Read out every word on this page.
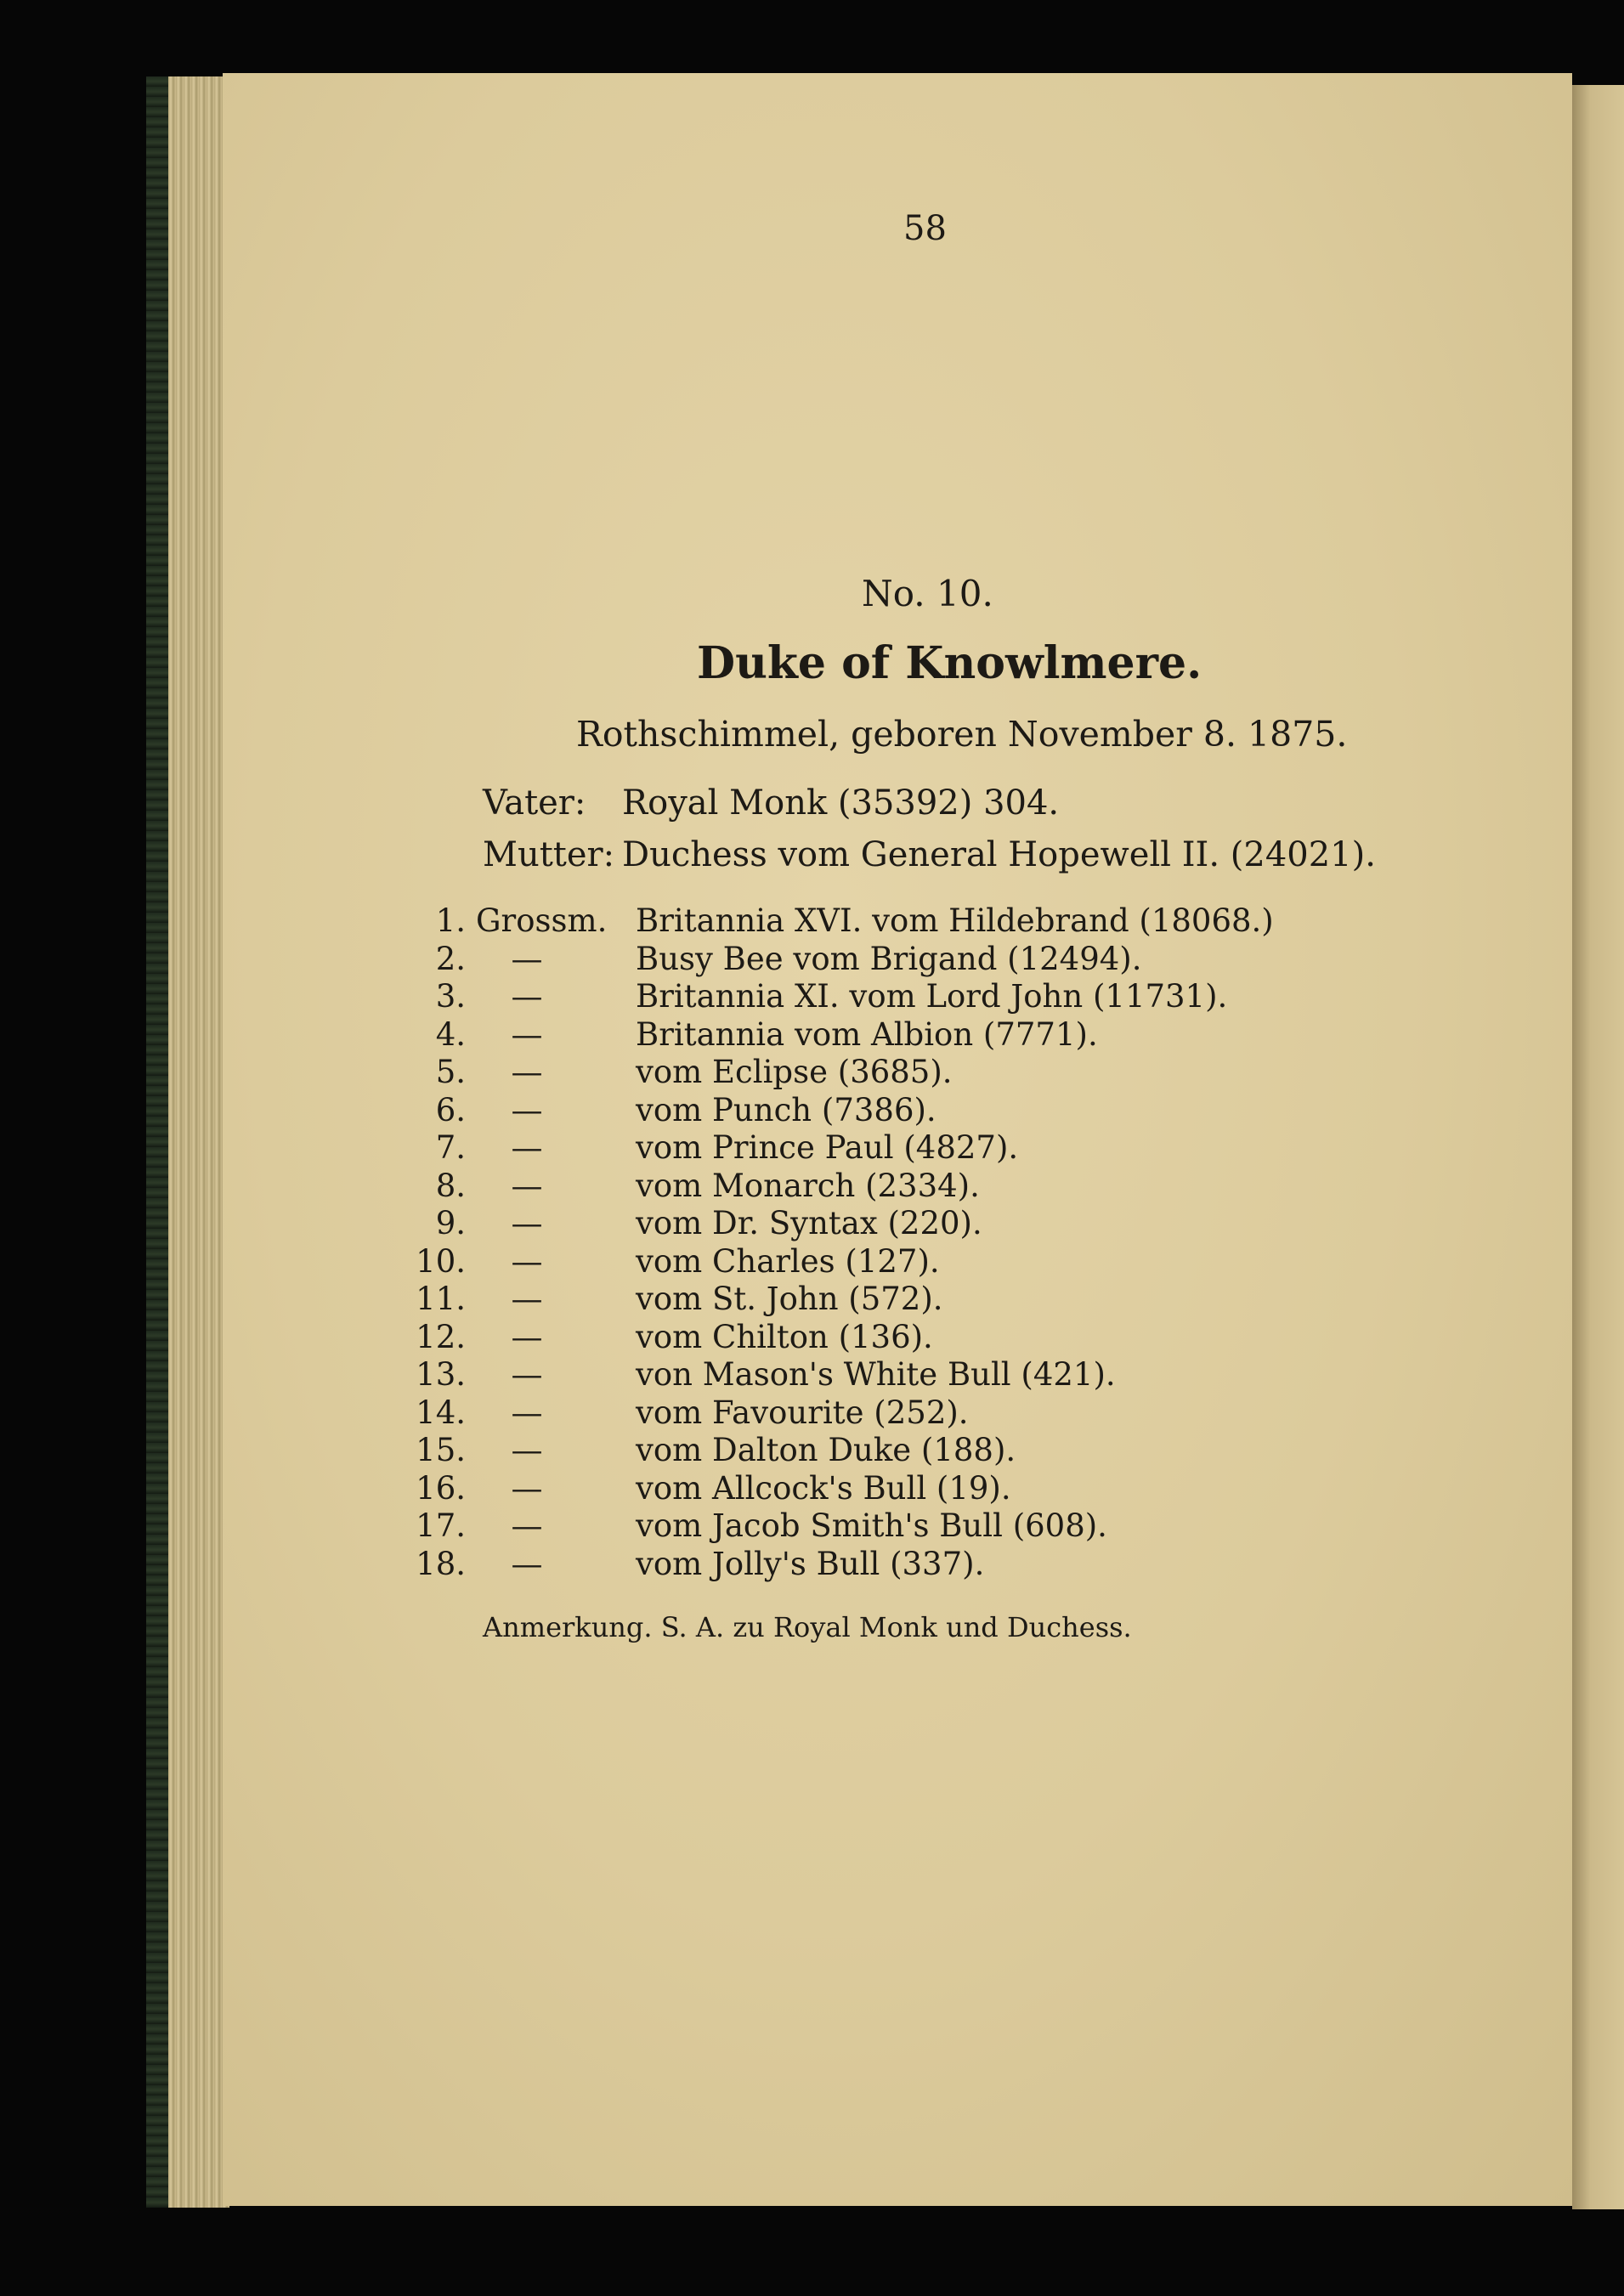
58
No. 10.
Duke of Knowlmere.
Rothschimmel, geboren November 8. 1875.
Vater: Royal Monk (35392) 304.
Mutter: Duchess vom General Hopewell II. (24021).
1. Grossm. Britannia XVI. vom Hildebrand (18068.)
2.	—	Busy Bee vom Brigand (12494).
3.	—	Britannia XI. vom Lord John (11731).
4.	—	Britannia vom Albion (7771).
5.	—	vom Eclipse (3685).
6.	—	vom Punch (7386).
7.	—	vom Prince Paul (4827).
8.	—	vom Monarch (2334).
9.	—	vom Dr. Syntax (220).
10.	—	vom Charles (127).
11.	—	vom St. John (572).
12.	—	vom Chilton (136).
13.	—	von Mason's White Bull (421).
14.	—	vom Favourite (252).
15.	—	vom Dalton Duke (188).
16.	—	vom Allcock's Bull (19).
17.	—	vom Jacob Smith's Bull (608).
18.	—	vom Jolly's Bull (337).
Anmerkung. S. A. zu Royal Monk und Duchess.
